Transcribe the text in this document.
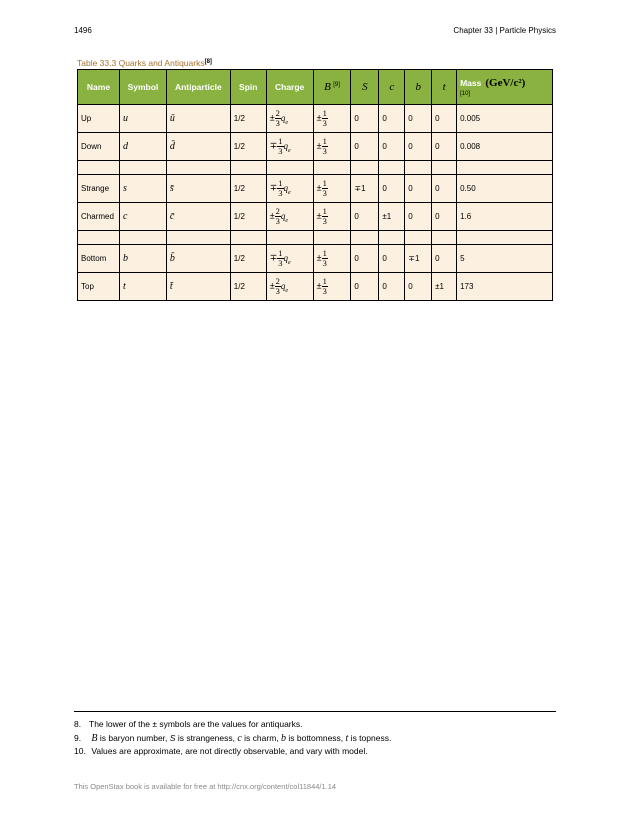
1496	Chapter 33 | Particle Physics
Table 33.3 Quarks and Antiquarks[8]
Name	Symbol	Antiparticle	Spin	Charge	B [9]	S	c	b	t	Mass (GeV/c²)
[10]

Up	u	ū	1/2	± $\frac{2}{3} q_e$	± $\frac{1}{3}$	0	0	0	0	0.005
Down	d	d̄	1/2	∓ $\frac{1}{3} q_e$	± $\frac{1}{3}$	0	0	0	0	0.008

Strange	s	s̄	1/2	∓ $\frac{1}{3} q_e$	± $\frac{1}{3}$	∓1	0	0	0	0.50
Charmed	c	c̄	1/2	± $\frac{2}{3} q_e$	± $\frac{1}{3}$	0	±1	0	0	1.6

Bottom	b	b̄	1/2	∓ $\frac{1}{3} q_e$	± $\frac{1}{3}$	0	0	∓1	0	5
Top	t	t̄	1/2	± $\frac{2}{3} q_e$	± $\frac{1}{3}$	0	0	0	±1	173
8. The lower of the ± symbols are the values for antiquarks.
9. B is baryon number, S is strangeness, c is charm, b is bottomness, t is topness.
10. Values are approximate, are not directly observable, and vary with model.
This OpenStax book is available for free at http://cnx.org/content/col11844/1.14
